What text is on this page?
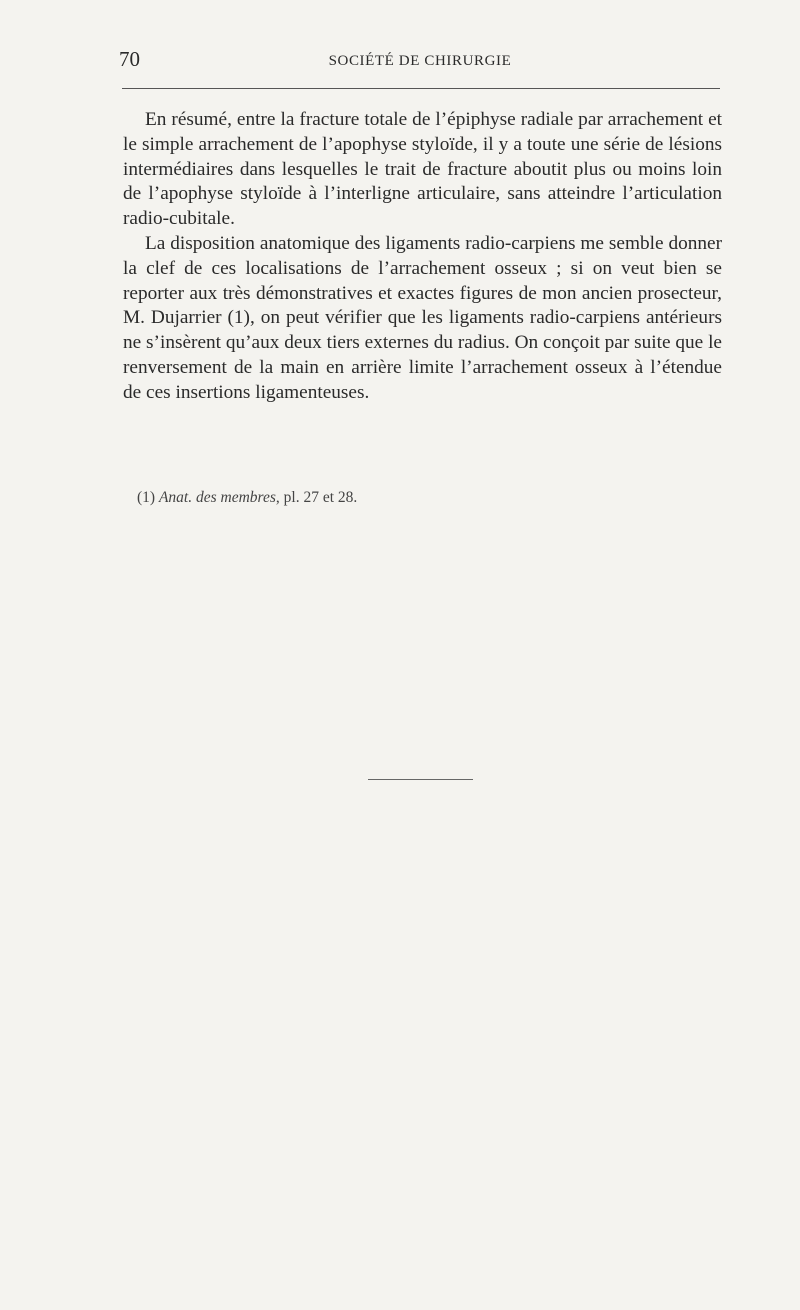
70	SOCIÉTÉ DE CHIRURGIE

En résumé, entre la fracture totale de l’épiphyse radiale par arrachement et le simple arrachement de l’apophyse styloïde, il y a toute une série de lésions intermédiaires dans lesquelles le trait de fracture aboutit plus ou moins loin de l’apophyse styloïde à l’interligne articulaire, sans atteindre l’articulation radio-cubitale.

La disposition anatomique des ligaments radio-carpiens me semble donner la clef de ces localisations de l’arrachement osseux ; si on veut bien se reporter aux très démonstratives et exactes figures de mon ancien prosecteur, M. Dujarrier (1), on peut vérifier que les ligaments radio-carpiens antérieurs ne s’insèrent qu’aux deux tiers externes du radius. On conçoit par suite que le renversement de la main en arrière limite l’arrachement osseux à l’étendue de ces insertions ligamenteuses.

(1) Anat. des membres, pl. 27 et 28.
